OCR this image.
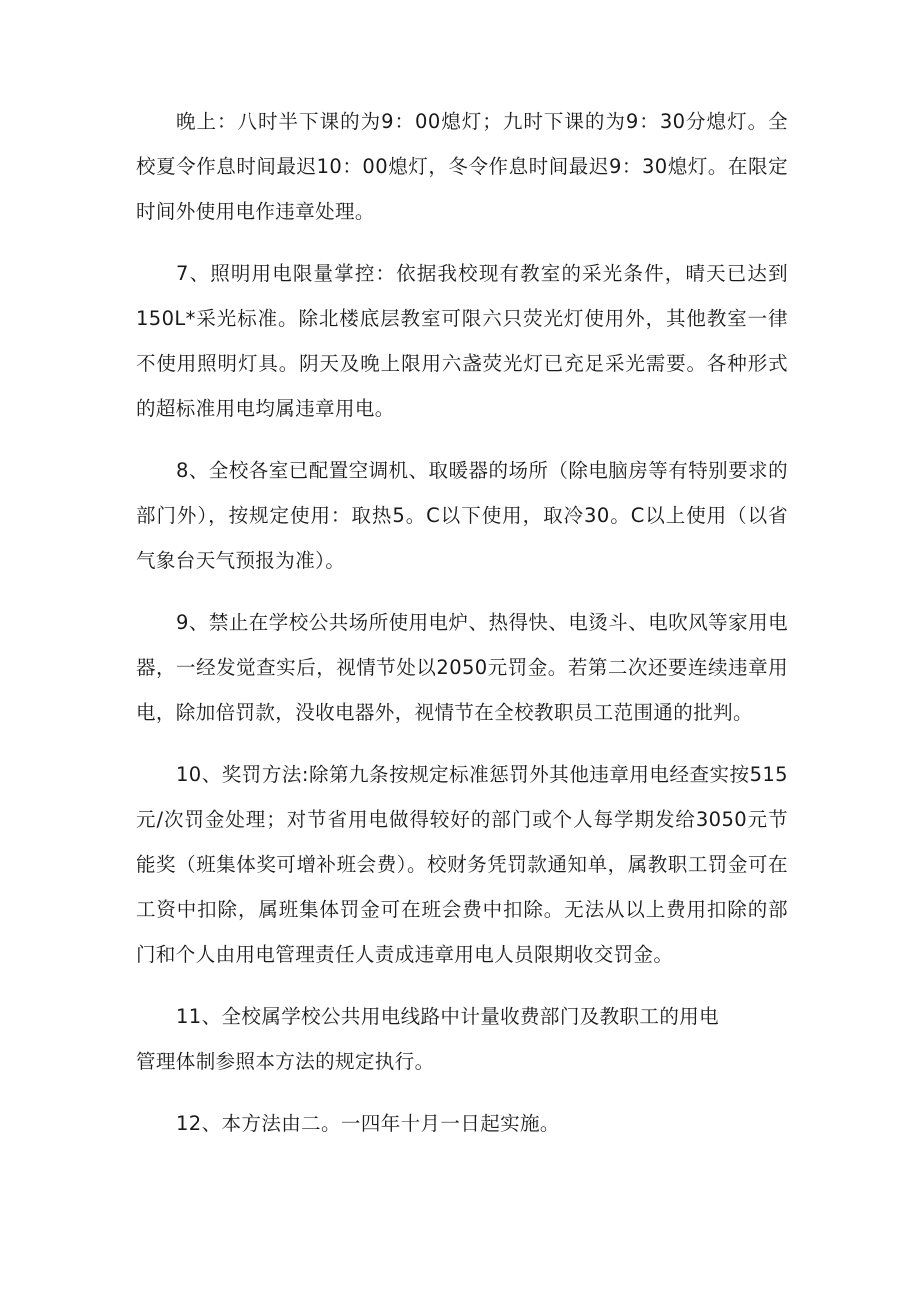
晚上：八时半下课的为9：00熄灯；九时下课的为9：30分熄灯。全校夏令作息时间最迟10：00熄灯，冬令作息时间最迟9：30熄灯。在限定时间外使用电作违章处理。

7、照明用电限量掌控：依据我校现有教室的采光条件，晴天已达到150L*采光标准。除北楼底层教室可限六只荧光灯使用外，其他教室一律不使用照明灯具。阴天及晚上限用六盏荧光灯已充足采光需要。各种形式的超标准用电均属违章用电。

8、全校各室已配置空调机、取暖器的场所（除电脑房等有特别要求的部门外），按规定使用：取热5。C以下使用，取冷30。C以上使用（以省气象台天气预报为准）。

9、禁止在学校公共场所使用电炉、热得快、电烫斗、电吹风等家用电器，一经发觉查实后，视情节处以2050元罚金。若第二次还要连续违章用电，除加倍罚款，没收电器外，视情节在全校教职员工范围通的批判。

10、奖罚方法:除第九条按规定标准惩罚外其他违章用电经查实按515元/次罚金处理；对节省用电做得较好的部门或个人每学期发给3050元节能奖（班集体奖可增补班会费）。校财务凭罚款通知单，属教职工罚金可在工资中扣除，属班集体罚金可在班会费中扣除。无法从以上费用扣除的部门和个人由用电管理责任人责成违章用电人员限期收交罚金。

11、全校属学校公共用电线路中计量收费部门及教职工的用电

管理体制参照本方法的规定执行。

12、本方法由二。一四年十月一日起实施。
